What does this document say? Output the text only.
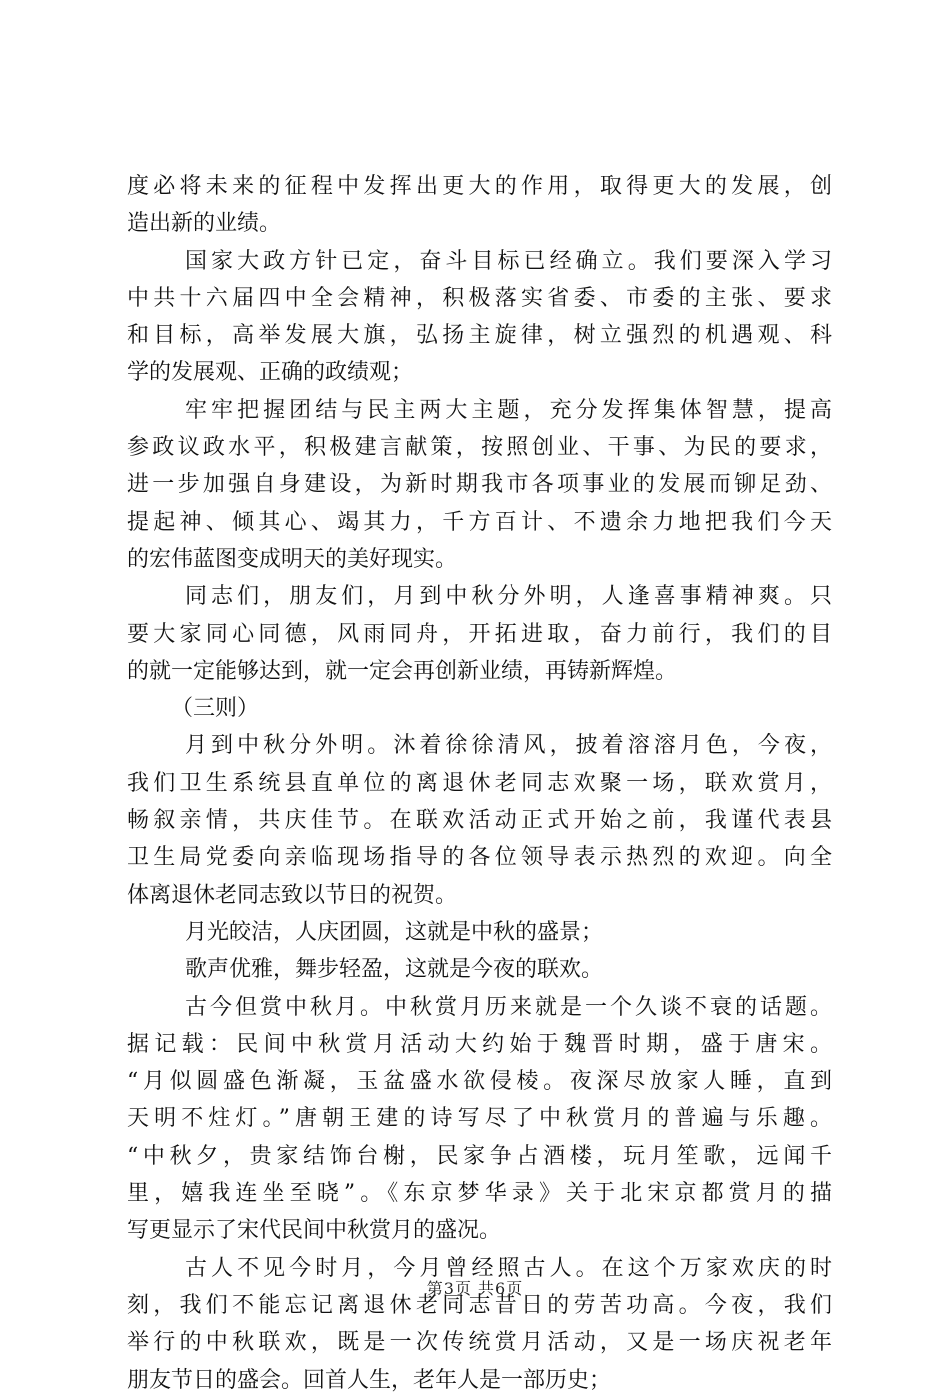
度必将未来的征程中发挥出更大的作用，取得更大的发展，创
造出新的业绩。
国家大政方针已定，奋斗目标已经确立。我们要深入学习
中共十六届四中全会精神，积极落实省委、市委的主张、要求
和目标，高举发展大旗，弘扬主旋律，树立强烈的机遇观、科
学的发展观、正确的政绩观；
牢牢把握团结与民主两大主题，充分发挥集体智慧，提高
参政议政水平，积极建言献策，按照创业、干事、为民的要求，
进一步加强自身建设，为新时期我市各项事业的发展而铆足劲、
提起神、倾其心、竭其力，千方百计、不遗余力地把我们今天
的宏伟蓝图变成明天的美好现实。
同志们，朋友们，月到中秋分外明，人逢喜事精神爽。只
要大家同心同德，风雨同舟，开拓进取，奋力前行，我们的目
的就一定能够达到，就一定会再创新业绩，再铸新辉煌。
（三则）
月到中秋分外明。沐着徐徐清风，披着溶溶月色，今夜，
我们卫生系统县直单位的离退休老同志欢聚一场，联欢赏月，
畅叙亲情，共庆佳节。在联欢活动正式开始之前，我谨代表县
卫生局党委向亲临现场指导的各位领导表示热烈的欢迎。向全
体离退休老同志致以节日的祝贺。
月光皎洁，人庆团圆，这就是中秋的盛景；
歌声优雅，舞步轻盈，这就是今夜的联欢。
古今但赏中秋月。中秋赏月历来就是一个久谈不衰的话题。
据记载：民间中秋赏月活动大约始于魏晋时期，盛于唐宋。
“月似圆盛色渐凝，玉盆盛水欲侵棱。夜深尽放家人睡，直到
天明不炷灯。”唐朝王建的诗写尽了中秋赏月的普遍与乐趣。
“中秋夕，贵家结饰台榭，民家争占酒楼，玩月笙歌，远闻千
里，嬉我连坐至晓”。《东京梦华录》关于北宋京都赏月的描
写更显示了宋代民间中秋赏月的盛况。
古人不见今时月，今月曾经照古人。在这个万家欢庆的时
刻，我们不能忘记离退休老同志昔日的劳苦功高。今夜，我们
举行的中秋联欢，既是一次传统赏月活动，又是一场庆祝老年
朋友节日的盛会。回首人生，老年人是一部历史；
第3页 共6页
